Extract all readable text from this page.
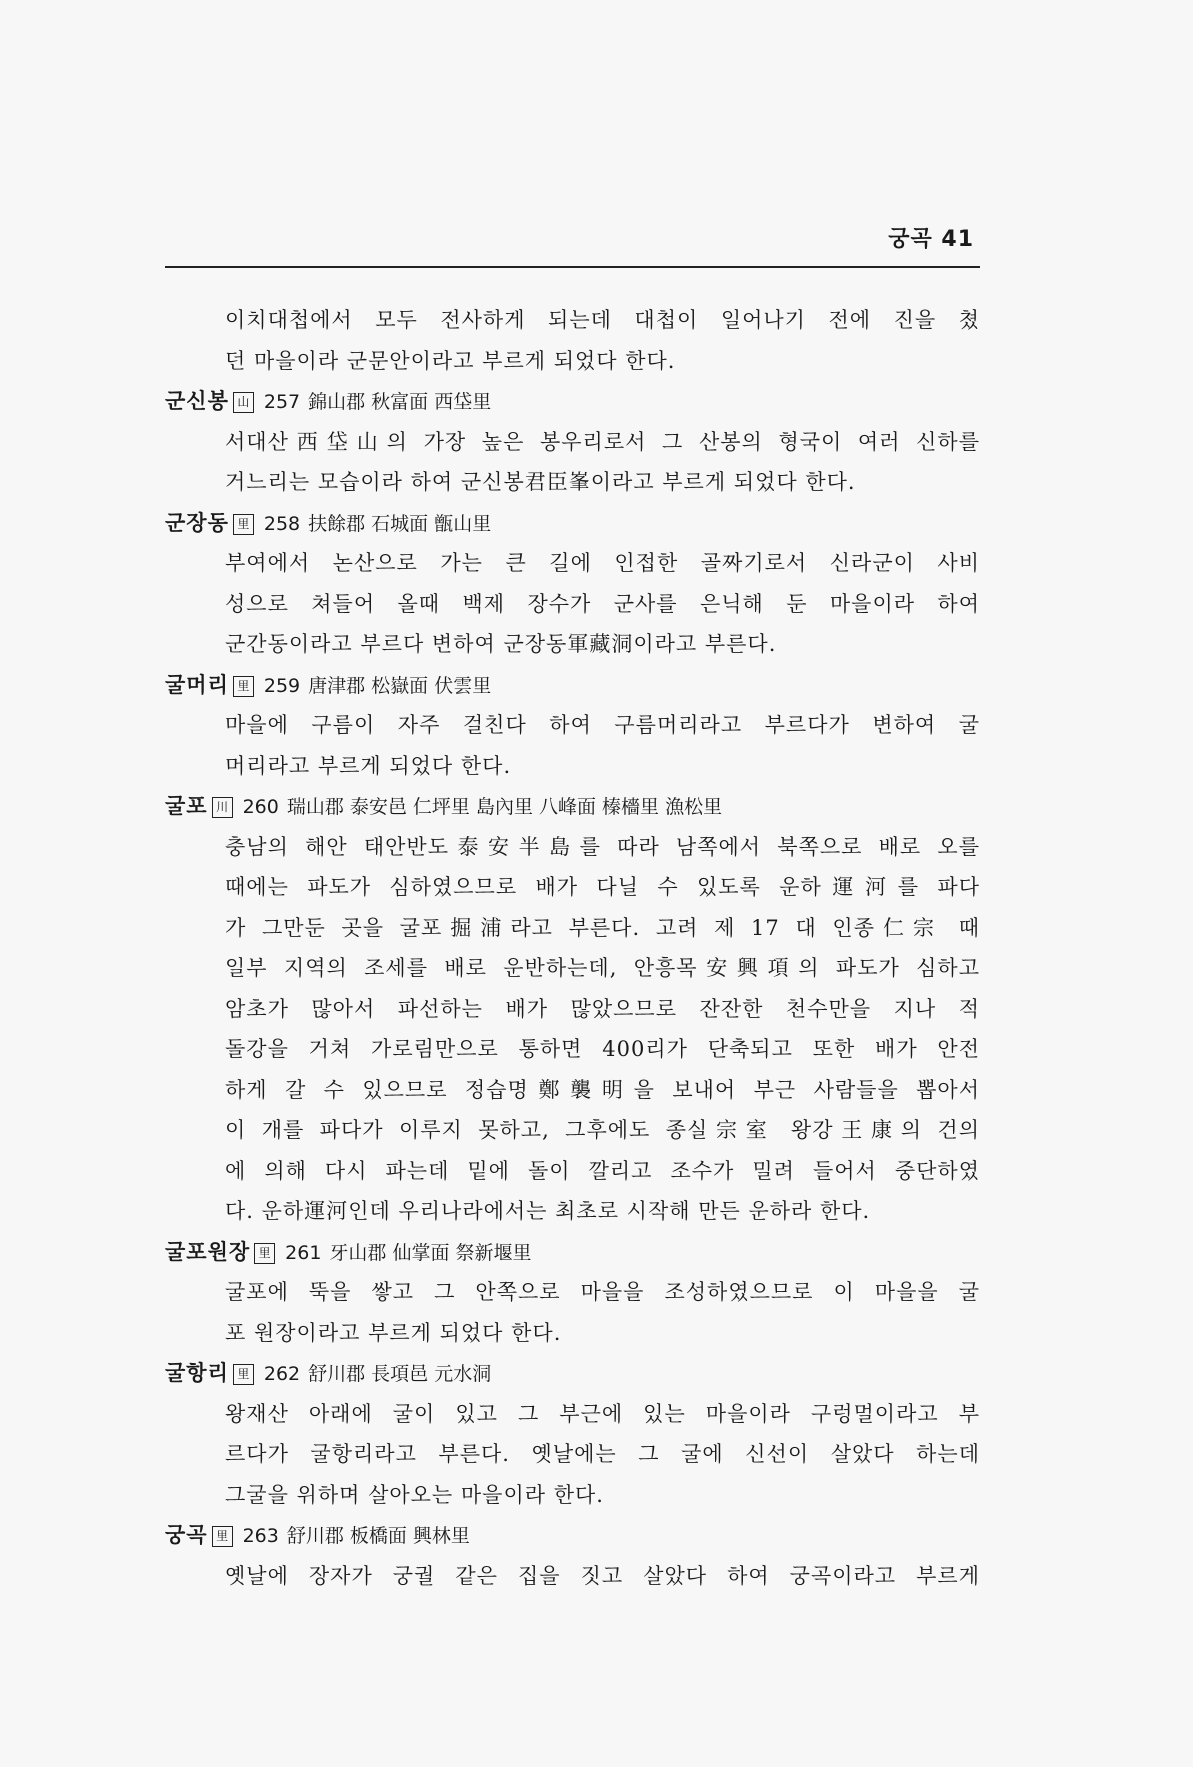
궁곡 41
이치대첩에서 모두 전사하게 되는데 대첩이 일어나기 전에 진을 쳤
던 마을이라 군문안이라고 부르게 되었다 한다.
군신봉 山 257 錦山郡 秋富面 西垈里
서대산西垈山의 가장 높은 봉우리로서 그 산봉의 형국이 여러 신하를
거느리는 모습이라 하여 군신봉君臣峯이라고 부르게 되었다 한다.
군장동 里 258 扶餘郡 石城面 甑山里
부여에서 논산으로 가는 큰 길에 인접한 골짜기로서 신라군이 사비
성으로 쳐들어 올때 백제 장수가 군사를 은닉해 둔 마을이라 하여
군간동이라고 부르다 변하여 군장동軍藏洞이라고 부른다.
굴머리 里 259 唐津郡 松嶽面 伏雲里
마을에 구름이 자주 걸친다 하여 구름머리라고 부르다가 변하여 굴
머리라고 부르게 되었다 한다.
굴포 川 260 瑞山郡 泰安邑 仁坪里 島內里 八峰面 榛檣里 漁松里
충남의 해안 태안반도泰安半島를 따라 남쪽에서 북쪽으로 배로 오를
때에는 파도가 심하였으므로 배가 다닐 수 있도록 운하運河를 파다
가 그만둔 곳을 굴포掘浦라고 부른다. 고려 제 17 대 인종仁宗 때
일부 지역의 조세를 배로 운반하는데, 안흥목安興項의 파도가 심하고
암초가 많아서 파선하는 배가 많았으므로 잔잔한 천수만을 지나 적
돌강을 거쳐 가로림만으로 통하면 400리가 단축되고 또한 배가 안전
하게 갈 수 있으므로 정습명鄭襲明을 보내어 부근 사람들을 뽑아서
이 개를 파다가 이루지 못하고, 그후에도 종실宗室 왕강王康의 건의
에 의해 다시 파는데 밑에 돌이 깔리고 조수가 밀려 들어서 중단하였
다. 운하運河인데 우리나라에서는 최초로 시작해 만든 운하라 한다.
굴포원장 里 261 牙山郡 仙掌面 祭新堰里
굴포에 뚝을 쌓고 그 안쪽으로 마을을 조성하였으므로 이 마을을 굴
포 원장이라고 부르게 되었다 한다.
굴항리 里 262 舒川郡 長項邑 元水洞
왕재산 아래에 굴이 있고 그 부근에 있는 마을이라 구렁멀이라고 부
르다가 굴항리라고 부른다. 옛날에는 그 굴에 신선이 살았다 하는데
그굴을 위하며 살아오는 마을이라 한다.
궁곡 里 263 舒川郡 板橋面 興林里
옛날에 장자가 궁궐 같은 집을 짓고 살았다 하여 궁곡이라고 부르게
